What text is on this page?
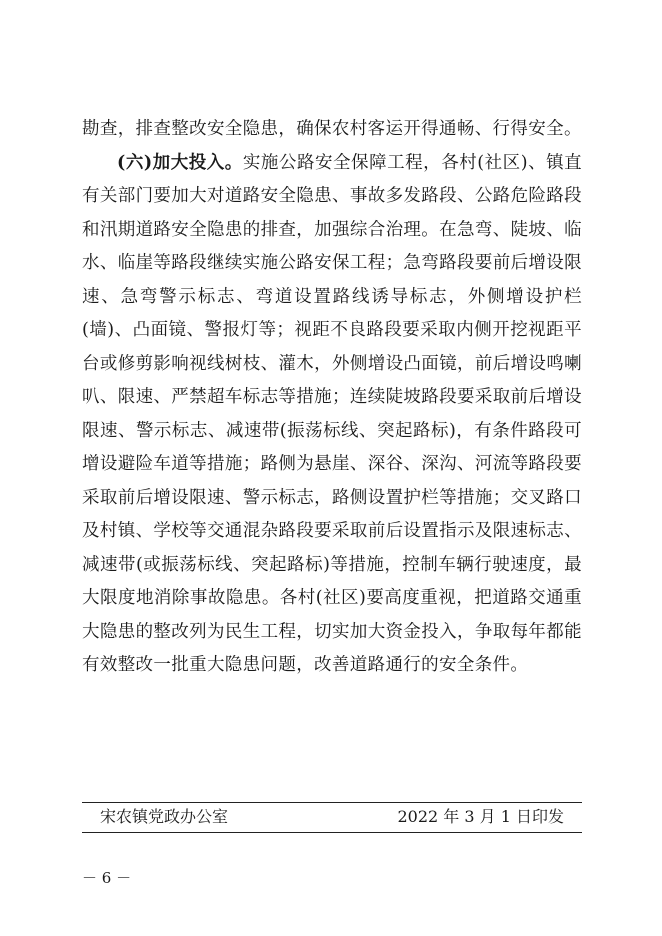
勘查，排查整改安全隐患，确保农村客运开得通畅、行得安全。

(六)加大投入。实施公路安全保障工程，各村(社区)、镇直有关部门要加大对道路安全隐患、事故多发路段、公路危险路段和汛期道路安全隐患的排查，加强综合治理。在急弯、陡坡、临水、临崖等路段继续实施公路安保工程；急弯路段要前后增设限速、急弯警示标志、弯道设置路线诱导标志，外侧增设护栏(墙)、凸面镜、警报灯等；视距不良路段要采取内侧开挖视距平台或修剪影响视线树枝、灌木，外侧增设凸面镜，前后增设鸣喇叭、限速、严禁超车标志等措施；连续陡坡路段要采取前后增设限速、警示标志、减速带(振荡标线、突起路标)，有条件路段可增设避险车道等措施；路侧为悬崖、深谷、深沟、河流等路段要采取前后增设限速、警示标志，路侧设置护栏等措施；交叉路口及村镇、学校等交通混杂路段要采取前后设置指示及限速标志、减速带(或振荡标线、突起路标)等措施，控制车辆行驶速度，最大限度地消除事故隐患。各村(社区)要高度重视，把道路交通重大隐患的整改列为民生工程，切实加大资金投入，争取每年都能有效整改一批重大隐患问题，改善道路通行的安全条件。

宋农镇党政办公室	2022 年 3 月 1 日印发
－ 6 －
